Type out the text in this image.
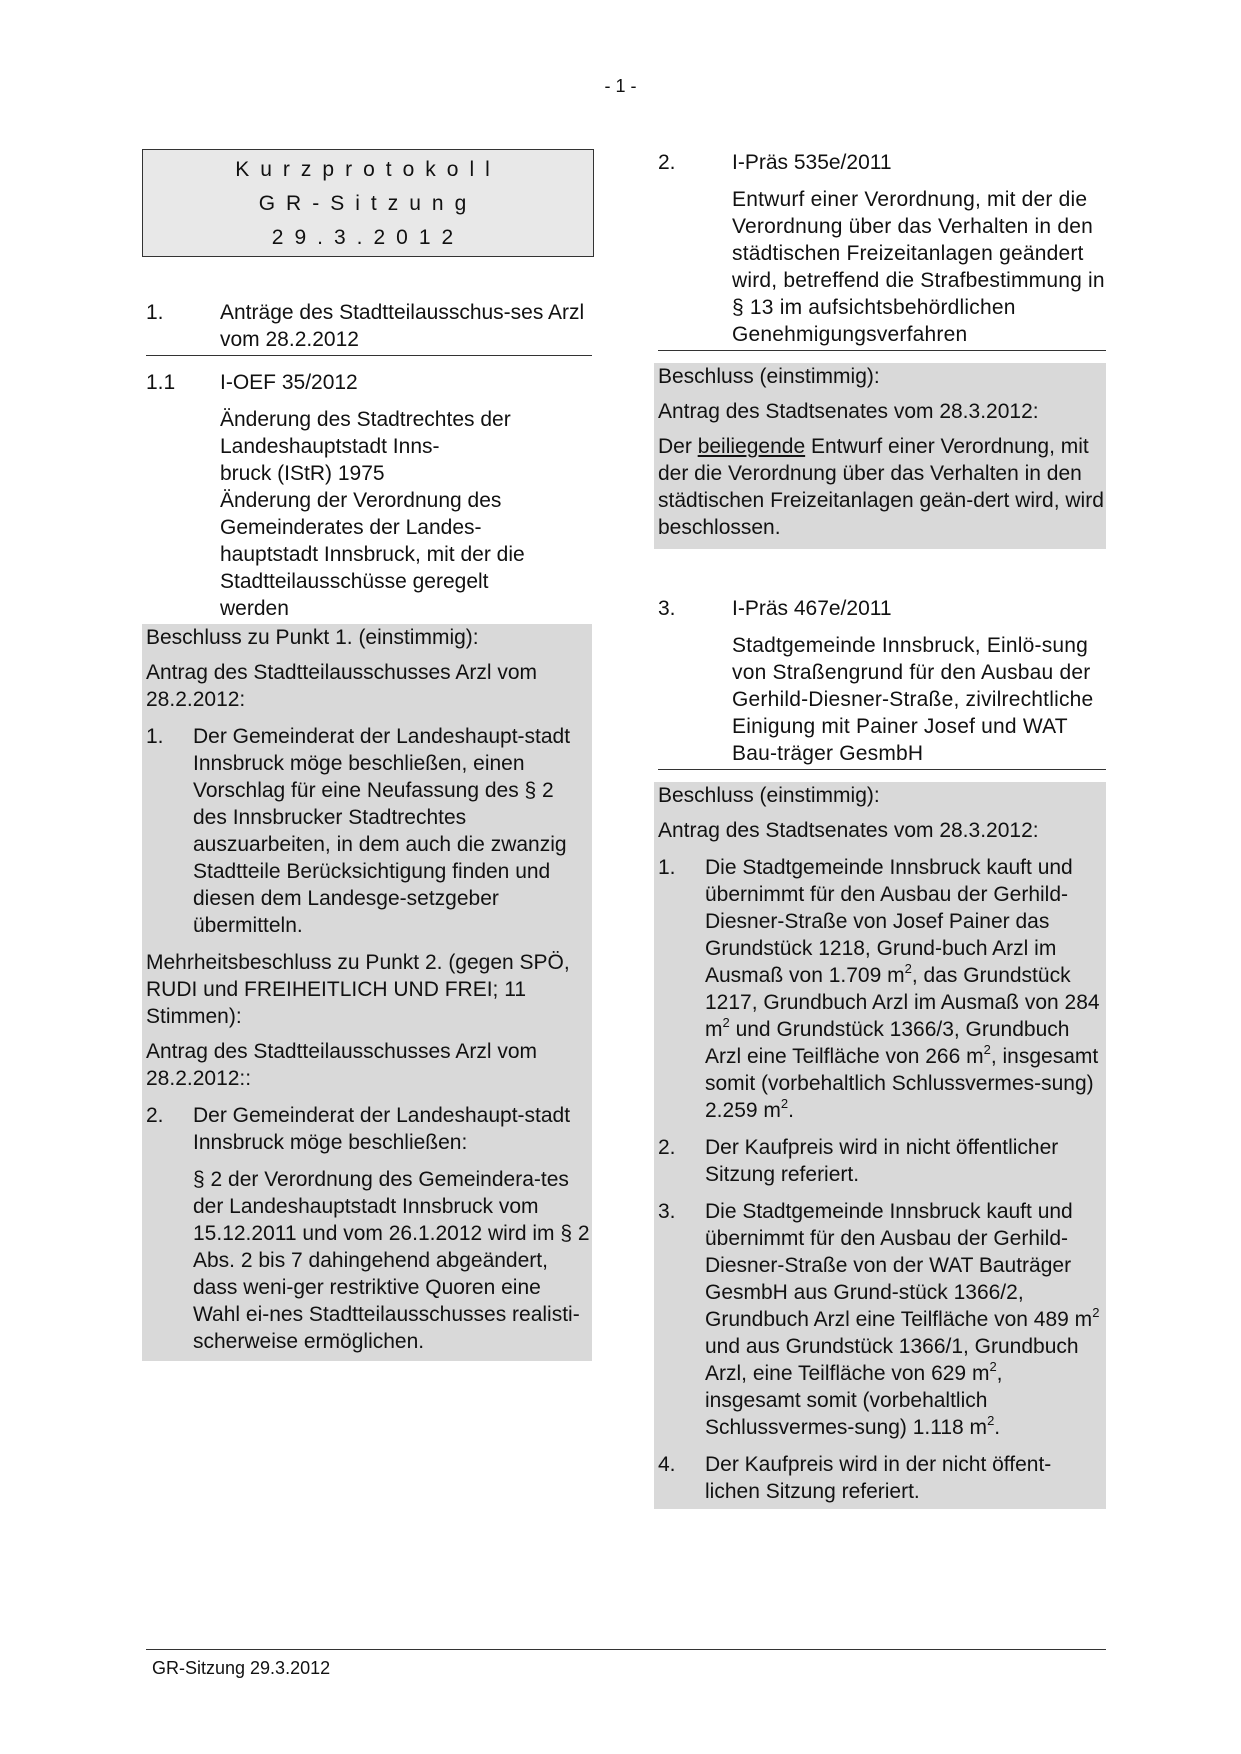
- 1 -
Kurzprotokoll
GR-Sitzung
29.3.2012
1.	Anträge des Stadtteilausschus-ses Arzl vom 28.2.2012
1.1	I-OEF 35/2012
Änderung des Stadtrechtes der
Landeshauptstadt Inns-
bruck (IStR) 1975
Änderung der Verordnung des
Gemeinderates der Landes-
hauptstadt Innsbruck, mit der die
Stadtteilausschüsse geregelt
werden

Beschluss zu Punkt 1. (einstimmig):

Antrag des Stadtteilausschusses Arzl vom 28.2.2012:

1.	Der Gemeinderat der Landeshaupt-stadt Innsbruck möge beschließen, einen Vorschlag für eine Neufassung des § 2 des Innsbrucker Stadtrechtes auszuarbeiten, in dem auch die zwanzig Stadtteile Berücksichtigung finden und diesen dem Landesge-setzgeber übermitteln.

Mehrheitsbeschluss zu Punkt 2. (gegen SPÖ, RUDI und FREIHEITLICH UND FREI; 11 Stimmen):

Antrag des Stadtteilausschusses Arzl vom 28.2.2012::

2.	Der Gemeinderat der Landeshaupt-stadt Innsbruck möge beschließen:
§ 2 der Verordnung des Gemeindera-tes der Landeshauptstadt Innsbruck vom 15.12.2011 und vom 26.1.2012 wird im § 2 Abs. 2 bis 7 dahingehend abgeändert, dass weni-ger restriktive Quoren eine Wahl ei-nes Stadtteilausschusses realisti-scherweise ermöglichen.
2.	I-Präs 535e/2011
Entwurf einer Verordnung, mit der die Verordnung über das Verhalten in den städtischen Freizeitanlagen geändert wird, betreffend die Strafbestimmung in § 13 im aufsichtsbehördlichen Genehmigungsverfahren

Beschluss (einstimmig):

Antrag des Stadtsenates vom 28.3.2012:

Der beiliegende Entwurf einer Verordnung, mit der die Verordnung über das Verhalten in den städtischen Freizeitanlagen geän-dert wird, wird beschlossen.

3.	I-Präs 467e/2011
Stadtgemeinde Innsbruck, Einlö-sung von Straßengrund für den Ausbau der Gerhild-Diesner-Straße, zivilrechtliche Einigung mit Painer Josef und WAT Bau-träger GesmbH

Beschluss (einstimmig):

Antrag des Stadtsenates vom 28.3.2012:

1.	Die Stadtgemeinde Innsbruck kauft und übernimmt für den Ausbau der Gerhild-Diesner-Straße von Josef Painer das Grundstück 1218, Grund-buch Arzl im Ausmaß von 1.709 $m^2$, das Grundstück 1217, Grundbuch Arzl im Ausmaß von 284 $m^2$ und Grundstück 1366/3, Grundbuch Arzl eine Teilfläche von 266 $m^2$, insgesamt somit (vorbehaltlich Schlussvermes-sung) 2.259 $m^2$.
2.	Der Kaufpreis wird in nicht öffentlicher Sitzung referiert.
3.	Die Stadtgemeinde Innsbruck kauft und übernimmt für den Ausbau der Gerhild-Diesner-Straße von der WAT Bauträger GesmbH aus Grund-stück 1366/2, Grundbuch Arzl eine Teilfläche von 489 $m^2$ und aus Grundstück 1366/1, Grundbuch Arzl, eine Teilfläche von 629 $m^2$, insgesamt somit (vorbehaltlich Schlussvermes-sung) 1.118 $m^2$.
4.	Der Kaufpreis wird in der nicht öffent-lichen Sitzung referiert.
GR-Sitzung 29.3.2012
